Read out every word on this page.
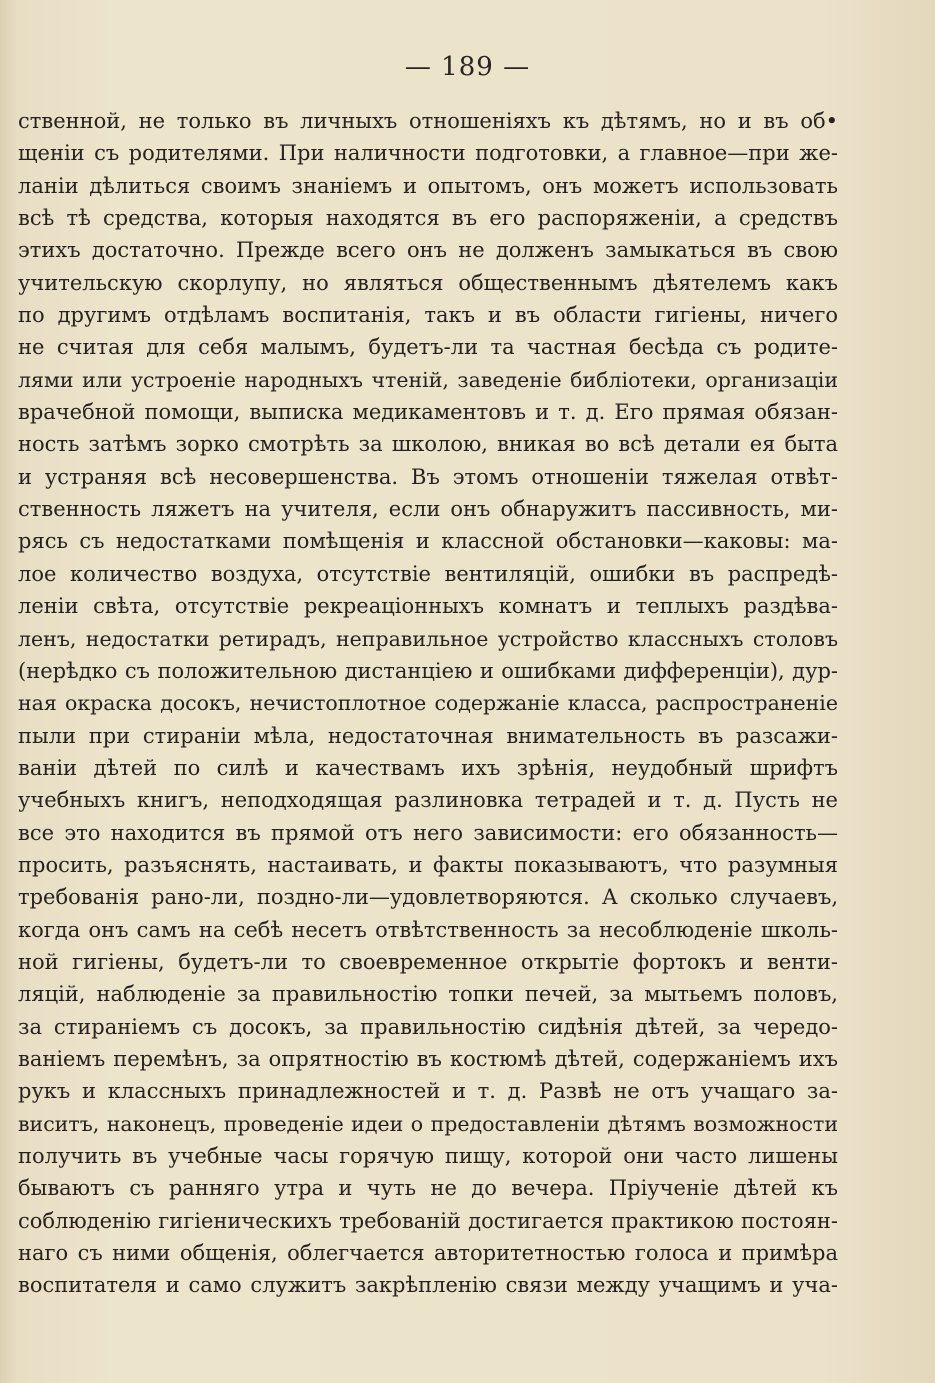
— 189 —
ственной, не только въ личныхъ отношеніяхъ къ дѣтямъ, но и въ об•
щеніи съ родителями. При наличности подготовки, а главное—при же-
ланіи дѣлиться своимъ знаніемъ и опытомъ, онъ можетъ использовать
всѣ тѣ средства, которыя находятся въ его распоряженіи, а средствъ
этихъ достаточно. Прежде всего онъ не долженъ замыкаться въ свою
учительскую скорлупу, но являться общественнымъ дѣятелемъ какъ
по другимъ отдѣламъ воспитанія, такъ и въ области гигіены, ничего
не считая для себя малымъ, будетъ-ли та частная бесѣда съ родите-
лями или устроеніе народныхъ чтеній, заведеніе библіотеки, организаціи
врачебной помощи, выписка медикаментовъ и т. д. Его прямая обязан-
ность затѣмъ зорко смотрѣть за школою, вникая во всѣ детали ея быта
и устраняя всѣ несовершенства. Въ этомъ отношеніи тяжелая отвѣт-
ственность ляжетъ на учителя, если онъ обнаружитъ пассивность, ми-
рясь съ недостатками помѣщенія и классной обстановки—каковы: ма-
лое количество воздуха, отсутствіе вентиляцій, ошибки въ распредѣ-
леніи свѣта, отсутствіе рекреаціонныхъ комнатъ и теплыхъ раздѣва-
ленъ, недостатки ретирадъ, неправильное устройство классныхъ столовъ
(нерѣдко съ положительною дистанціею и ошибками дифференціи), дур-
ная окраска досокъ, нечистоплотное содержаніе класса, распространеніе
пыли при стираніи мѣла, недостаточная внимательность въ разсажи-
ваніи дѣтей по силѣ и качествамъ ихъ зрѣнія, неудобный шрифтъ
учебныхъ книгъ, неподходящая разлиновка тетрадей и т. д. Пусть не
все это находится въ прямой отъ него зависимости: его обязанность—
просить, разъяснять, настаивать, и факты показываютъ, что разумныя
требованія рано-ли, поздно-ли—удовлетворяются. А сколько случаевъ,
когда онъ самъ на себѣ несетъ отвѣтственность за несоблюденіе школь-
ной гигіены, будетъ-ли то своевременное открытіе фортокъ и венти-
ляцій, наблюденіе за правильностію топки печей, за мытьемъ половъ,
за стираніемъ съ досокъ, за правильностію сидѣнія дѣтей, за чередо-
ваніемъ перемѣнъ, за опрятностію въ костюмѣ дѣтей, содержаніемъ ихъ
рукъ и классныхъ принадлежностей и т. д. Развѣ не отъ учащаго за-
виситъ, наконецъ, проведеніе идеи о предоставленіи дѣтямъ возможности
получить въ учебные часы горячую пищу, которой они часто лишены
бываютъ съ ранняго утра и чуть не до вечера. Пріученіе дѣтей къ
соблюденію гигіеническихъ требованій достигается практикою постоян-
наго съ ними общенія, облегчается авторитетностью голоса и примѣра
воспитателя и само служитъ закрѣпленію связи между учащимъ и уча-
